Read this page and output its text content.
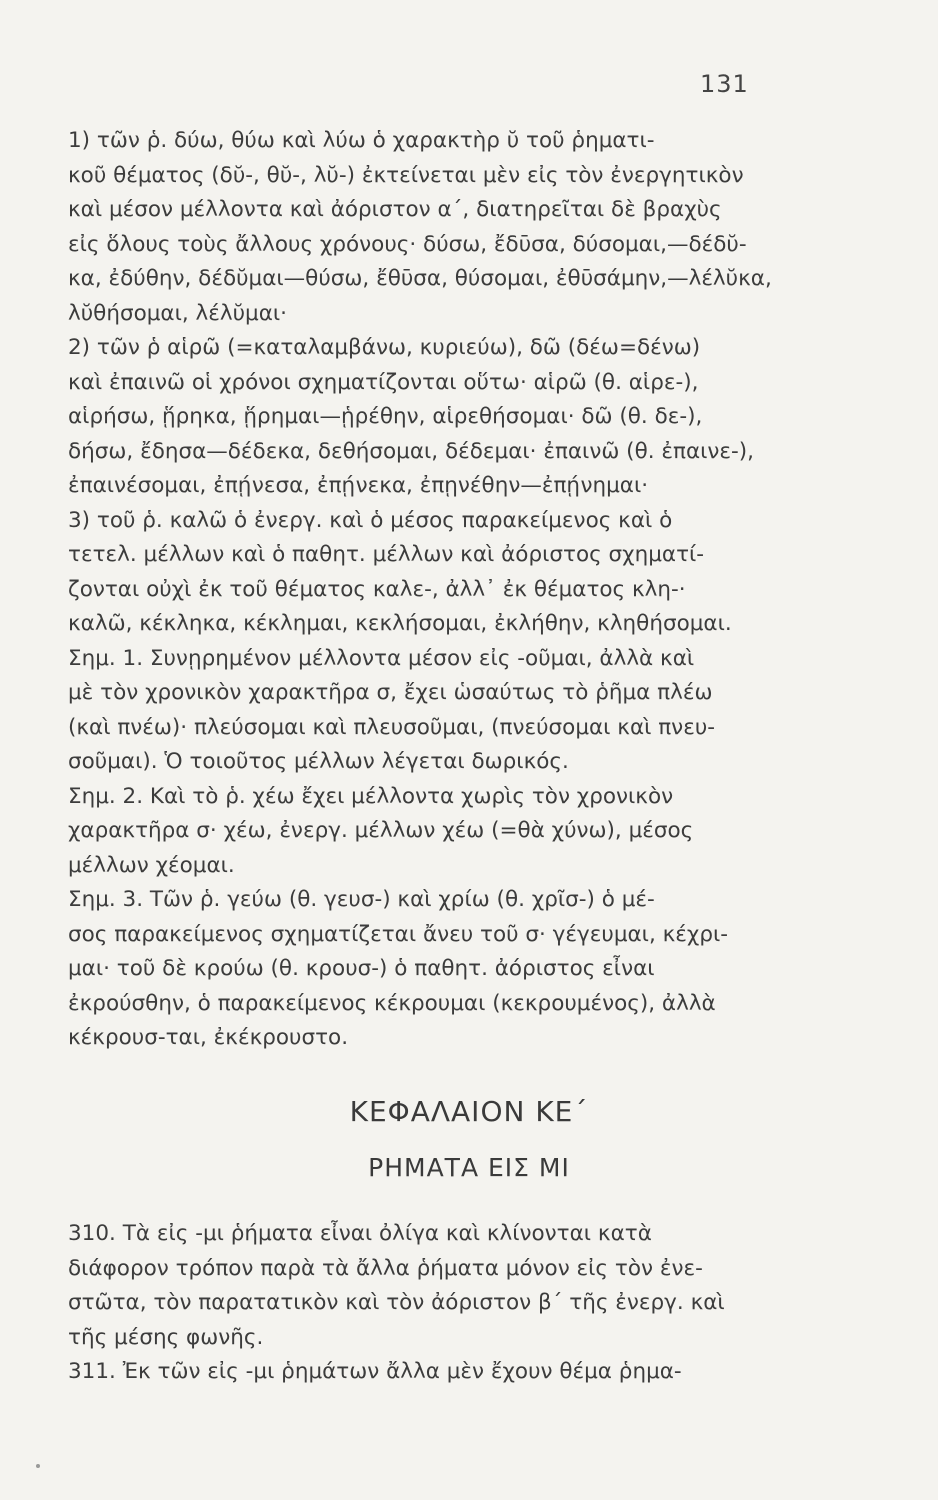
131
1) τῶν ῥ. δύω, θύω καὶ λύω ὁ χαρακτὴρ ῠ τοῦ ῥηματι-
κοῦ θέματος (δῠ-, θῠ-, λῠ-) ἐκτείνεται μὲν εἰς τὸν ἐνεργητικὸν
καὶ μέσον μέλλοντα καὶ ἀόριστον α΄, διατηρεῖται δὲ βραχὺς
εἰς ὅλους τοὺς ἄλλους χρόνους· δύσω, ἔδῡσα, δύσομαι,—δέδῠ-
κα, ἐδύθην, δέδῠμαι—θύσω, ἔθῡσα, θύσομαι, ἐθῡσάμην,—λέλῠκα,
λῠθήσομαι, λέλῠμαι·
2) τῶν ῥ αἱρῶ (=καταλαμβάνω, κυριεύω), δῶ (δέω=δένω)
καὶ ἐπαινῶ οἱ χρόνοι σχηματίζονται οὕτω· αἱρῶ (θ. αἱρε-),
αἱρήσω, ᾕρηκα, ᾕρημαι—ᾑρέθην, αἱρεθήσομαι· δῶ (θ. δε-),
δήσω, ἔδησα—δέδεκα, δεθήσομαι, δέδεμαι· ἐπαινῶ (θ. ἐπαινε-),
ἐπαινέσομαι, ἐπῄνεσα, ἐπῄνεκα, ἐπῃνέθην—ἐπῄνημαι·
3) τοῦ ῥ. καλῶ ὁ ἐνεργ. καὶ ὁ μέσος παρακείμενος καὶ ὁ
τετελ. μέλλων καὶ ὁ παθητ. μέλλων καὶ ἀόριστος σχηματί-
ζονται οὐχὶ ἐκ τοῦ θέματος καλε-, ἀλλ᾽ ἐκ θέματος κλη-·
καλῶ, κέκληκα, κέκλημαι, κεκλήσομαι, ἐκλήθην, κληθήσομαι.
Σημ. 1. Συνῃρημένον μέλλοντα μέσον εἰς -οῦμαι, ἀλλὰ καὶ
μὲ τὸν χρονικὸν χαρακτῆρα σ, ἔχει ὡσαύτως τὸ ῥῆμα πλέω
(καὶ πνέω)· πλεύσομαι καὶ πλευσοῦμαι, (πνεύσομαι καὶ πνευ-
σοῦμαι). Ὁ τοιοῦτος μέλλων λέγεται δωρικός.
Σημ. 2. Καὶ τὸ ῥ. χέω ἔχει μέλλοντα χωρὶς τὸν χρονικὸν
χαρακτῆρα σ· χέω, ἐνεργ. μέλλων χέω (=θὰ χύνω), μέσος
μέλλων χέομαι.
Σημ. 3. Τῶν ῥ. γεύω (θ. γευσ-) καὶ χρίω (θ. χρῖσ-) ὁ μέ-
σος παρακείμενος σχηματίζεται ἄνευ τοῦ σ· γέγευμαι, κέχρι-
μαι· τοῦ δὲ κρούω (θ. κρουσ-) ὁ παθητ. ἀόριστος εἶναι
ἐκρούσθην, ὁ παρακείμενος κέκρουμαι (κεκρουμένος), ἀλλὰ
κέκρουσ-ται, ἐκέκρουστο.
ΚΕΦΑΛΑΙΟΝ ΚΕ΄
ΡΗΜΑΤΑ ΕΙΣ ΜΙ
310. Τὰ εἰς -μι ῥήματα εἶναι ὀλίγα καὶ κλίνονται κατὰ
διάφορον τρόπον παρὰ τὰ ἄλλα ῥήματα μόνον εἰς τὸν ἐνε-
στῶτα, τὸν παρατατικὸν καὶ τὸν ἀόριστον β΄ τῆς ἐνεργ. καὶ
τῆς μέσης φωνῆς.
311. Ἐκ τῶν εἰς -μι ῥημάτων ἄλλα μὲν ἔχουν θέμα ῥημα-
